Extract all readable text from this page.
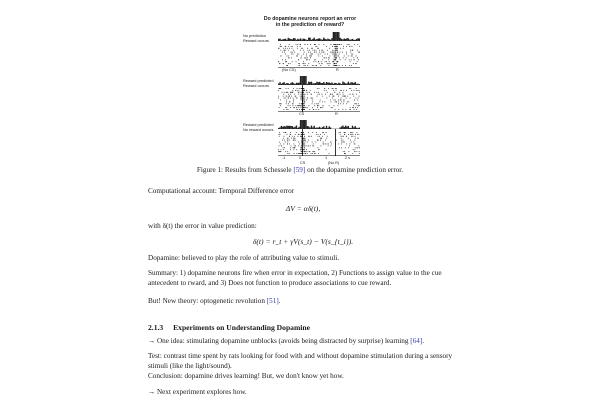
Do dopamine neurons report an error
in the prediction of reward?
No prediction
Reward occurs
(No CS)	R
Reward predicted
Reward occurs
CS	R
Reward predicted
No reward occurs
-1	0	1	2 s
CS	(No R)
Figure 1: Results from Schessele [59] on the dopamine prediction error.

Computational account: Temporal Difference error

ΔV = αδ(t),

with δ(t) the error in value prediction:

δ(t) = r_t + γV(s_t) − V(s_{t_i}).

Dopamine: believed to play the role of attributing value to stimuli.

Summary: 1) dopamine neurons fire when error in expectation, 2) Functions to assign value to the cue antecedent to rward, and 3) Does not function to produce associations to cue reward.

But! New theory: optogenetic revolution [51].

2.1.3 Experiments on Understanding Dopamine

→ One idea: stimulating dopamine unblocks (avoids being distracted by surprise) learning [64].

Test: contrast time spent by rats looking for food with and without dopamine stimulation during a sensory stimuli (like the light/sound).

Conclusion: dopamine drives learning! But, we don't know yet how.

→ Next experiment explores how.
